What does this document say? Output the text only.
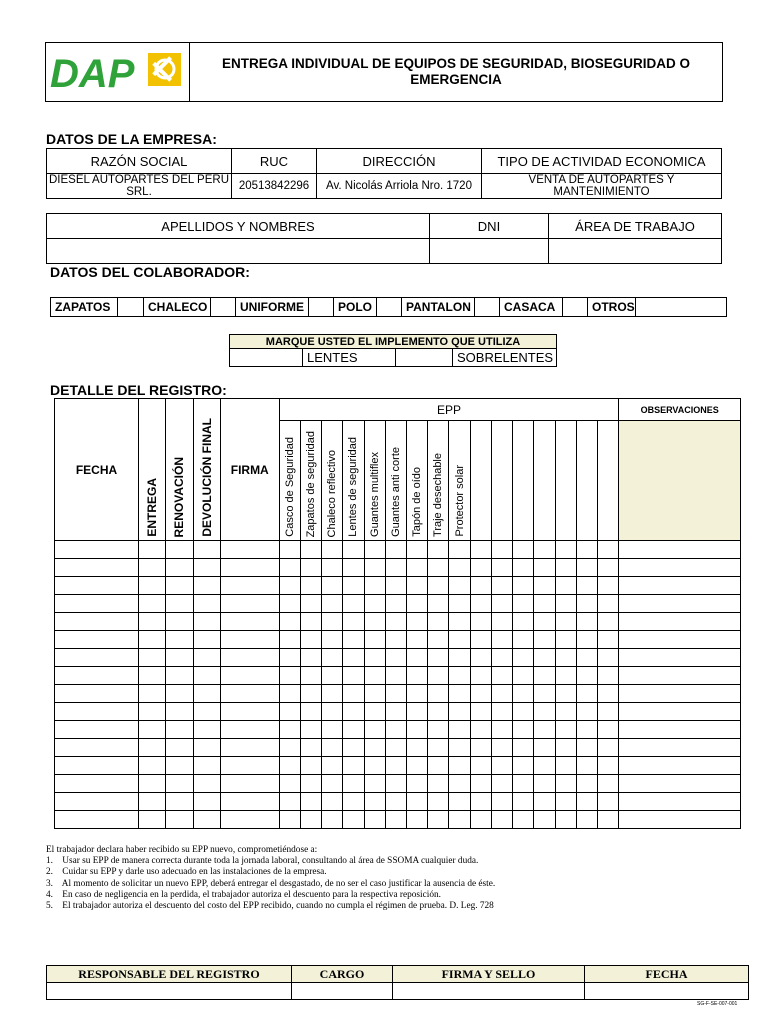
DAP	ENTREGA INDIVIDUAL DE EQUIPOS DE SEGURIDAD, BIOSEGURIDAD O EMERGENCIA
DATOS DE LA EMPRESA:
RAZÓN SOCIAL	RUC	DIRECCIÓN	TIPO DE ACTIVIDAD ECONOMICA
DIESEL AUTOPARTES DEL PERU SRL.	20513842296	Av. Nicolás Arriola Nro. 1720	VENTA DE AUTOPARTES Y MANTENIMIENTO
APELLIDOS Y NOMBRES	DNI	ÁREA DE TRABAJO

DATOS DEL COLABORADOR:
ZAPATOS		CHALECO		UNIFORME		POLO		PANTALON		CASACA		OTROS	
MARQUE USTED EL IMPLEMENTO QUE UTILIZA
	LENTES		SOBRELENTES
DETALLE DEL REGISTRO:
FECHA	ENTREGA	RENOVACIÓN	DEVOLUCIÓN FINAL	FIRMA	EPP																OBSERVACIONES

					Casco de Seguridad	Zapatos de seguridad	Chaleco reflectivo	Lentes de seguridad	Guantes multiflex	Guantes anti corte	Tapón de oído	Traje desechable	Protector solar								

El trabajador declara haber recibido su EPP nuevo, comprometiéndose a:
1.    Usar su EPP de manera correcta durante toda la jornada laboral, consultando al área de SSOMA cualquier duda.
2.    Cuidar su EPP y darle uso adecuado en las instalaciones de la empresa.
3.    Al momento de solicitar un nuevo EPP, deberá entregar el desgastado, de no ser el caso justificar la ausencia de éste.
4.    En caso de negligencia en la perdida, el trabajador autoriza el descuento para la respectiva reposición.
5.    El trabajador autoriza el descuento del costo del EPP recibido, cuando no cumpla el régimen de prueba. D. Leg. 728
RESPONSABLE DEL REGISTRO	CARGO	FIRMA Y SELLO	FECHA

SG-F-SE-007-001
